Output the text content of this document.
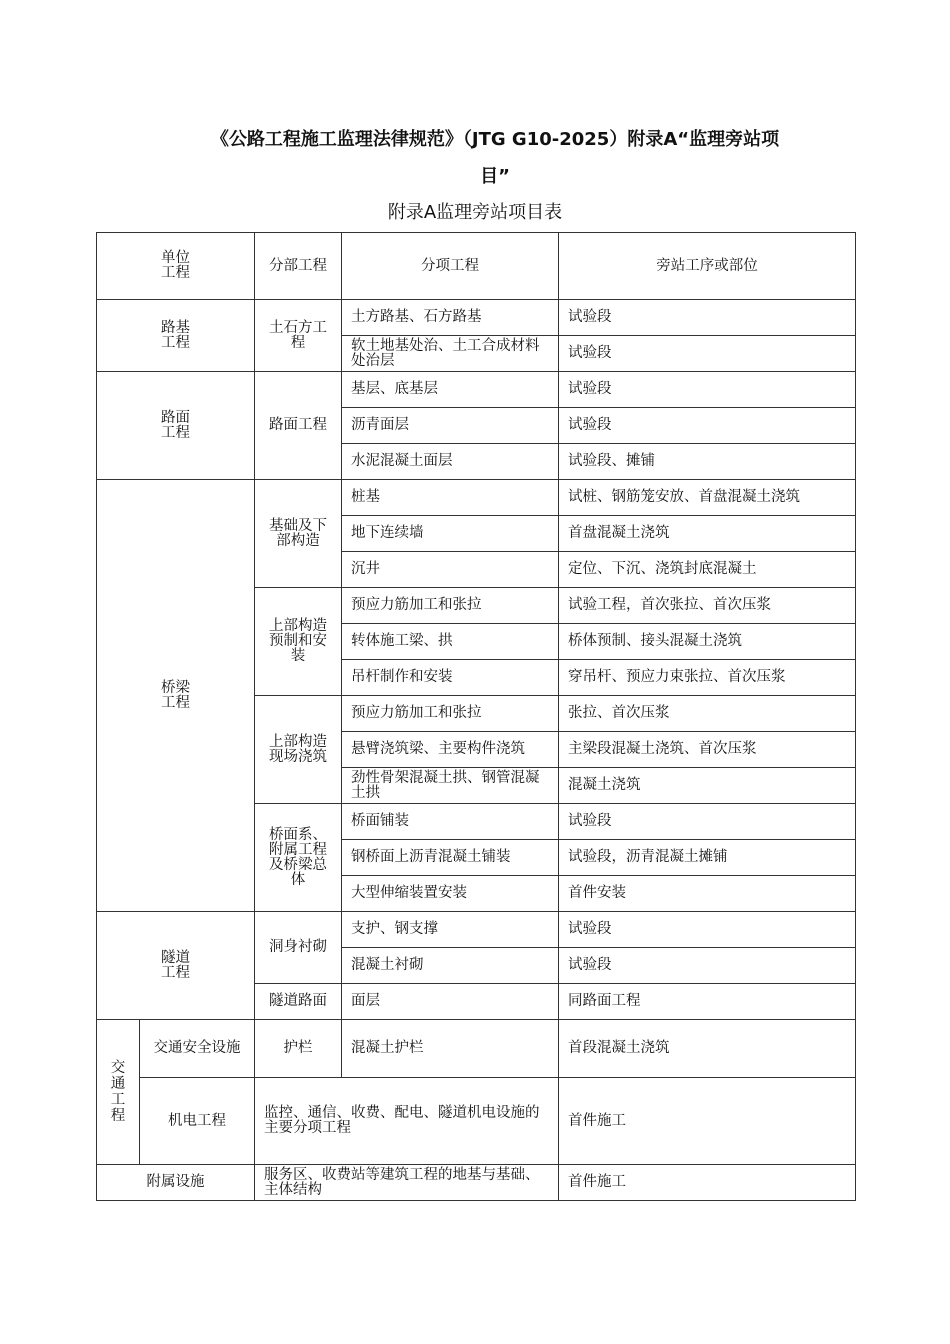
《公路工程施工监理法律规范》（JTG G10-2025）附录A“监理旁站项
目”
附录A监理旁站项目表
单位工程		分部工程	分项工程	旁站工序或部位
路基工程		土石方工程	土方路基、石方路基	试验段
			软土地基处治、土工合成材料处治层	试验段
路面工程		路面工程	基层、底基层	试验段
			沥青面层	试验段
			水泥混凝土面层	试验段、摊铺
桥梁工程		基础及下部构造	桩基	试桩、钢筋笼安放、首盘混凝土浇筑
			地下连续墙	首盘混凝土浇筑
			沉井	定位、下沉、浇筑封底混凝土
		上部构造预制和安装	预应力筋加工和张拉	试验工程，首次张拉、首次压浆
			转体施工梁、拱	桥体预制、接头混凝土浇筑
			吊杆制作和安装	穿吊杆、预应力束张拉、首次压浆
		上部构造现场浇筑	预应力筋加工和张拉	张拉、首次压浆
			悬臂浇筑梁、主要构件浇筑	主梁段混凝土浇筑、首次压浆
			劲性骨架混凝土拱、钢管混凝土拱	混凝土浇筑
		桥面系、附属工程及桥梁总体	桥面铺装	试验段
			钢桥面上沥青混凝土铺装	试验段，沥青混凝土摊铺
			大型伸缩装置安装	首件安装
隧道工程		洞身衬砌	支护、钢支撑	试验段
			混凝土衬砌	试验段
		隧道路面	面层	同路面工程
交通工程	交通安全设施	护栏	混凝土护栏	首段混凝土浇筑
	机电工程	监控、通信、收费、配电、隧道机电设施的主要分项工程		首件施工
附属设施		服务区、收费站等建筑工程的地基与基础、主体结构		首件施工
